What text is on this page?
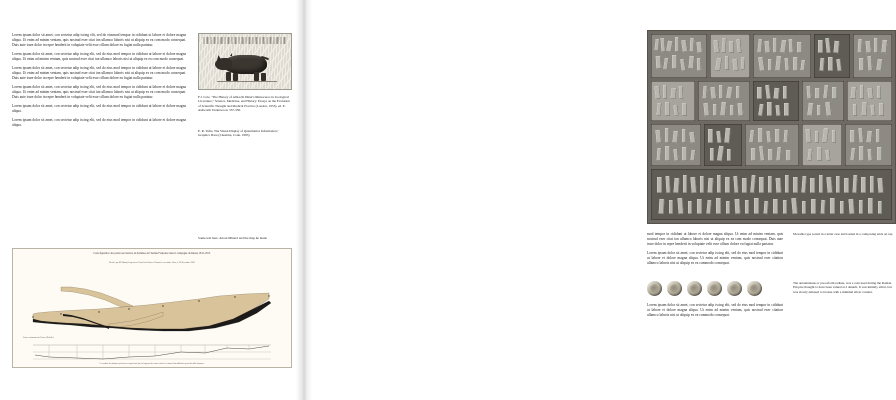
Lorem ipsum dolor sit amet, con sectetur adip iscing elit, sed do eiusmod tempor in cididunt ut labore et dolore magna aliqua. Ut enim ad minim veniam, quis nostrud exer citat ion ullamco laboris nisi ut aliquip ex ea com modo consequat. Duis aute irure dolor in repre henderit in voluptate velit esse cillum dolore eu fugiat nulla pariatur.

Lorem ipsum dolor sit amet, con sectetur adip iscing elit, sed do eius mod tempor in cididunt ut labore et dolore magna aliqua. Ut enim ad minim veniam, quis nostrud exer citat ion ullamco laboris nisi ut aliquip ex ea com modo consequat.

Lorem ipsum dolor sit amet, con sectetur adip iscing elit, sed do eius mod tempor in cididunt ut labore et dolore magna aliqua. Ut enim ad minim veniam, quis nostrud exer citat ion ullamco laboris nisi ut aliquip ex ea com modo consequat. Duis aute irure dolor in repre henderit in voluptate velit esse cillum dolore eu fugiat nulla pariatur.

Lorem ipsum dolor sit amet, con sectetur adip iscing elit, sed do eius mod tempor in cididunt ut labore et dolore magna aliqua. Ut enim ad minim veniam, quis nostrud exer citat ion ullamco laboris nisi ut aliquip ex ea com modo consequat. Duis aute irure dolor in repre henderit in voluptate velit esse cillum dolore eu fugiat nulla pariatur.

Lorem ipsum dolor sit amet, con sectetur adip iscing elit, sed do eius mod tempor in cididunt ut labore et dolore magna aliqua.

Lorem ipsum dolor sit amet, con sectetur adip iscing elit, sed do eius mod tempor in cididunt ut labore et dolore magna aliqua.

F.J. Cole, "The History of Albrecht Dürer's Rhinoceros in Zoological Lit erature," Science, Medicine, and History: Essays on the Evolution of Scientific Thought and Medical Practice (London, 1953), ed. E. Ashworth Underwood, 337-356.

E. R. Tufte, The Visual Display of Quantitative Information," Graphics Press (Cheshire, Conn. 1983)

Some text here. About Minard and the map he made

Carte figurative des pertes successives en hommes de l'Armée Française dans la campagne de Russie 1812-1813.
Dressée par M. Minard, Inspecteur Général des Ponts et Chaussées en retraite. Paris, le 20 Novembre 1869.
Lieues communes de France (Échelle)
Le nombre des hommes présents est représenté par les largeurs des zones colorées à raison d'un millimètre pour dix mille hommes.

mod tempor in cididunt ut labore et dolore magna aliqua. Ut enim ad minim veniam, quis nostrud exer citat ion ullamco laboris nisi ut aliquip ex ea com modo consequat. Duis aute irure dolor in repre henderit in voluptate velit esse cillum dolore eu fugiat nulla pariatur.

Lorem ipsum dolor sit amet, con sectetur adip iscing elit, sed do eius mod tempor in cididunt ut labore et dolore magna aliqua. Ut enim ad minim veniam, quis nostrud exer citation ullamco laboris nisi ut aliquip ex ea commodo consequat.

Movable type sorted in a letter case and loaded in a composing stick on top.

Lorem ipsum dolor sit amet, con sectetur adip iscing elit, sed do eius mod tempor in cididunt ut labore et dolore magna aliqua. Ut enim ad minim veniam, quis nostrud exer citation ullamco laboris nisi ut aliquip ex ea commodo consequat.

The antoninianus or pre-reform radiate, was a coin used during the Roman Em pire thought to have been valued at 2 denarii. It was initially silver, but was slowly debased to bronze with a minimal silver content.
